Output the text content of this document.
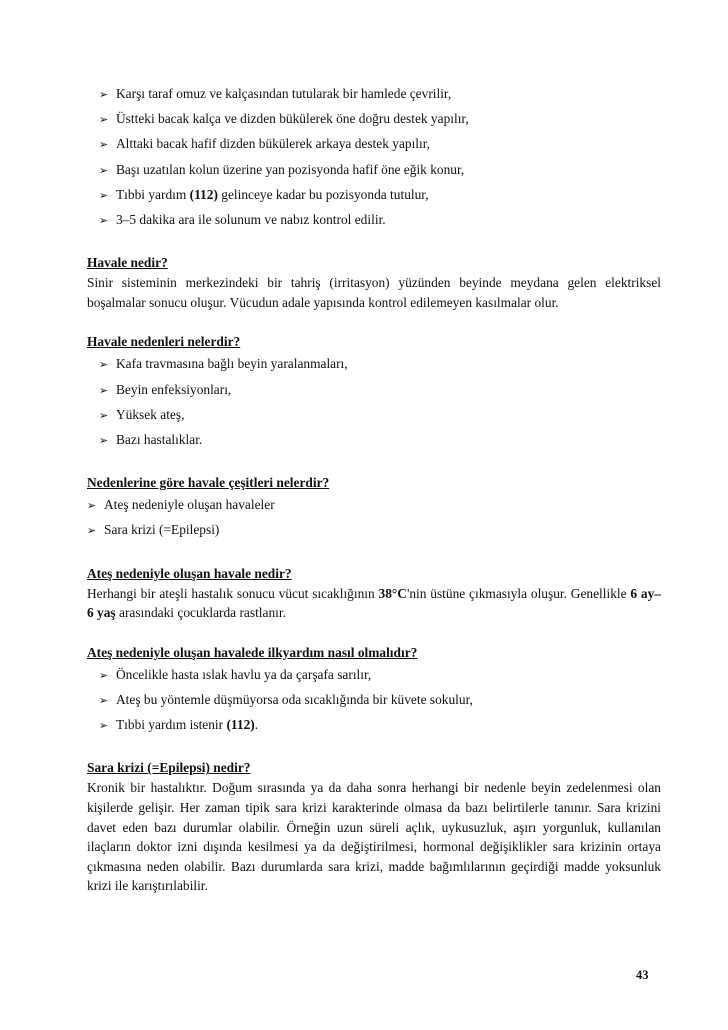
➢ Karşı taraf omuz ve kalçasından tutularak bir hamlede çevrilir,
➢ Üstteki bacak kalça ve dizden bükülerek öne doğru destek yapılır,
➢ Alttaki bacak hafif dizden bükülerek arkaya destek yapılır,
➢ Başı uzatılan kolun üzerine yan pozisyonda hafif öne eğik konur,
➢ Tıbbi yardım (112) gelinceye kadar bu pozisyonda tutulur,
➢ 3–5 dakika ara ile solunum ve nabız kontrol edilir.
Havale nedir?
Sinir sisteminin merkezindeki bir tahriş (irritasyon) yüzünden beyinde meydana gelen elektriksel boşalmalar sonucu oluşur. Vücudun adale yapısında kontrol edilemeyen kasılmalar olur.
Havale nedenleri nelerdir?
➢ Kafa travmasına bağlı beyin yaralanmaları,
➢ Beyin enfeksiyonları,
➢ Yüksek ateş,
➢ Bazı hastalıklar.
Nedenlerine göre havale çeşitleri nelerdir?
➢ Ateş nedeniyle oluşan havaleler
➢ Sara krizi (=Epilepsi)
Ateş nedeniyle oluşan havale nedir?
Herhangi bir ateşli hastalık sonucu vücut sıcaklığının 38°C'nin üstüne çıkmasıyla oluşur. Genellikle 6 ay–6 yaş arasındaki çocuklarda rastlanır.
Ateş nedeniyle oluşan havalede ilkyardım nasıl olmalıdır?
➢ Öncelikle hasta ıslak havlu ya da çarşafa sarılır,
➢ Ateş bu yöntemle düşmüyorsa oda sıcaklığında bir küvete sokulur,
➢ Tıbbi yardım istenir (112).
Sara krizi (=Epilepsi) nedir?
Kronik bir hastalıktır. Doğum sırasında ya da daha sonra herhangi bir nedenle beyin zedelenmesi olan kişilerde gelişir. Her zaman tipik sara krizi karakterinde olmasa da bazı belirtilerle tanınır. Sara krizini davet eden bazı durumlar olabilir. Örneğin uzun süreli açlık, uykusuzluk, aşırı yorgunluk, kullanılan ilaçların doktor izni dışında kesilmesi ya da değiştirilmesi, hormonal değişiklikler sara krizinin ortaya çıkmasına neden olabilir. Bazı durumlarda sara krizi, madde bağımlılarının geçirdiği madde yoksunluk krizi ile karıştırılabilir.
43
